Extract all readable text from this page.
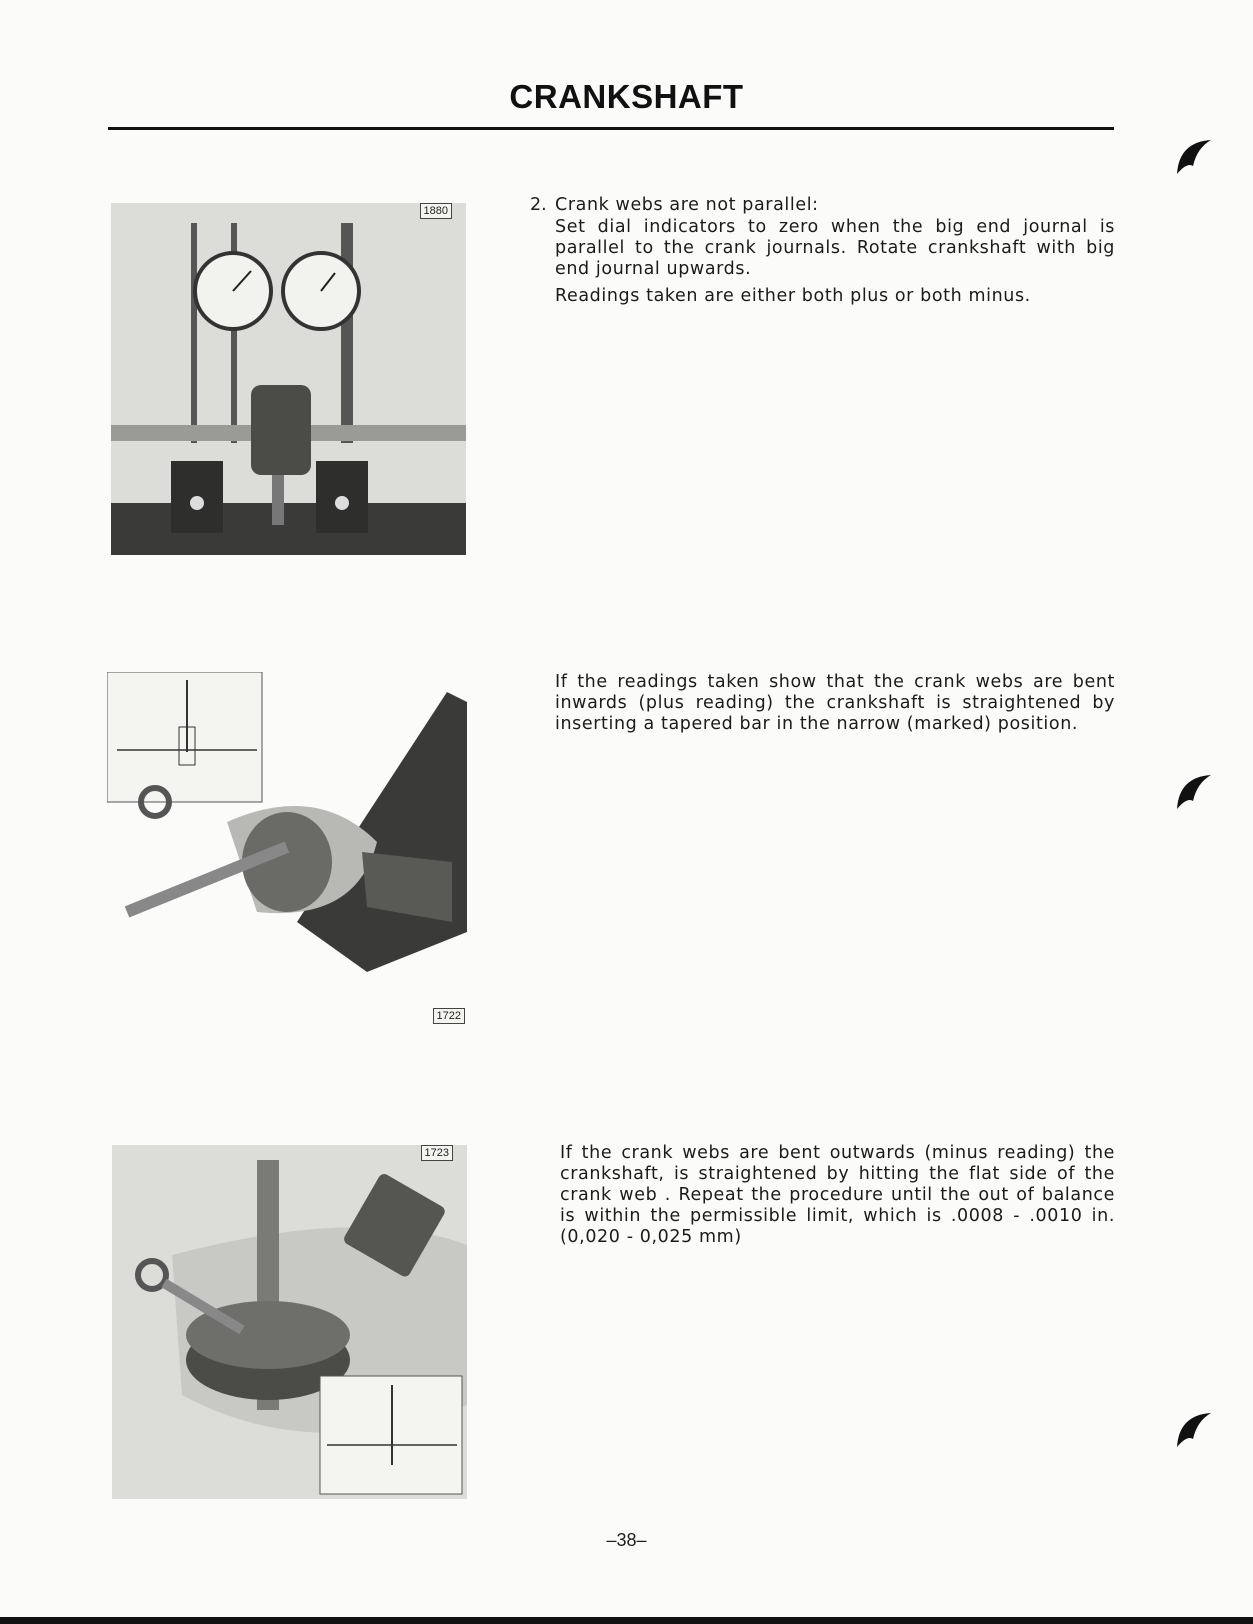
CRANKSHAFT
1880	2. Crank webs are not parallel:
Set dial indicators to zero when the big end journal is parallel to the crank journals. Rotate crankshaft with big end journal upwards.
Readings taken are either both plus or both minus.
1722
If the readings taken show that the crank webs are bent inwards (plus reading) the crankshaft is straightened by inserting a tapered bar in the narrow (marked) position.
1723	If the crank webs are bent outwards (minus reading) the crankshaft, is straightened by hitting the flat side of the crank web . Repeat the procedure until the out of balance is within the permissible limit, which is .0008 - .0010 in. (0,020 - 0,025 mm)
–38–
